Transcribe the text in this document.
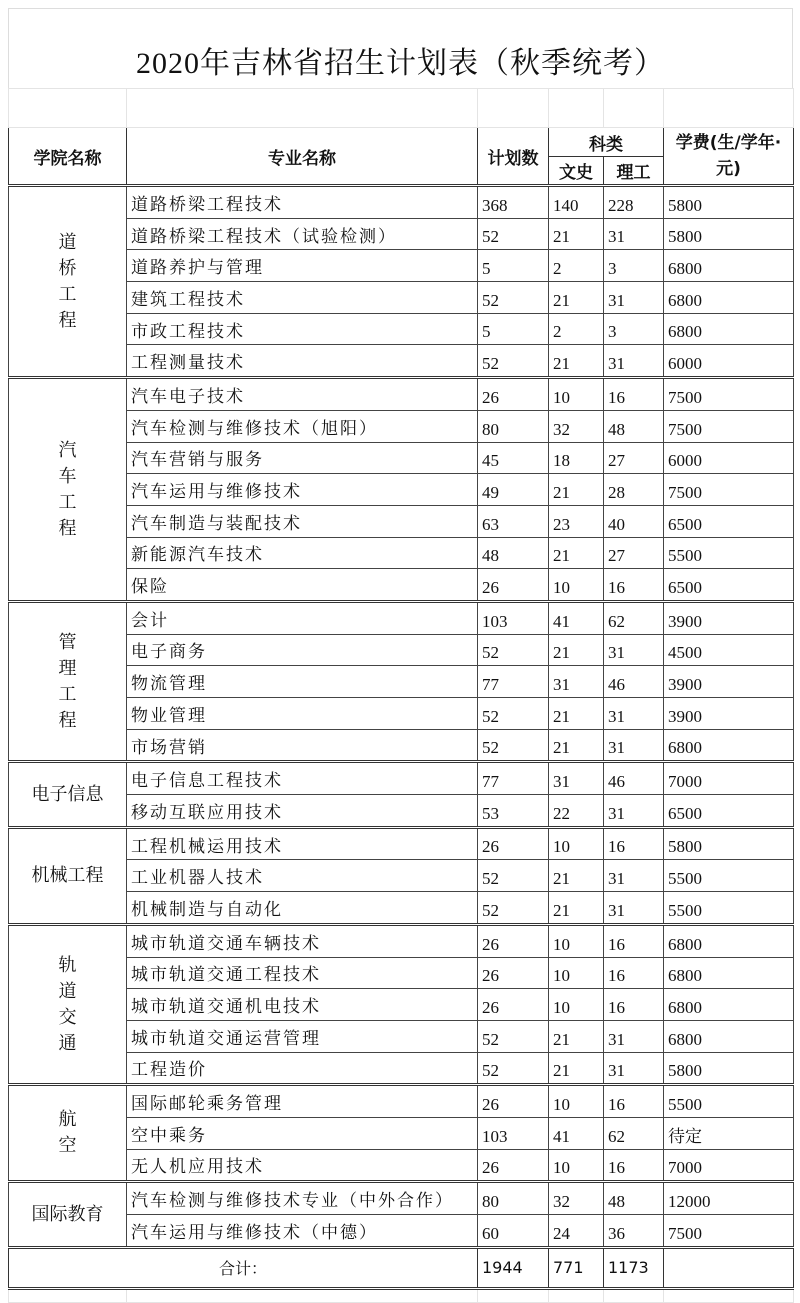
2020年吉林省招生计划表（秋季统考）

学院名称	专业名称	计划数	科类		学费(生/学年·元)
			文史	理工	
道桥工程	道路桥梁工程技术	368	140	228	5800
	道路桥梁工程技术（试验检测）	52	21	31	5800
	道路养护与管理	5	2	3	6800
	建筑工程技术	52	21	31	6800
	市政工程技术	5	2	3	6800
	工程测量技术	52	21	31	6000
汽车工程	汽车电子技术	26	10	16	7500
	汽车检测与维修技术（旭阳）	80	32	48	7500
	汽车营销与服务	45	18	27	6000
	汽车运用与维修技术	49	21	28	7500
	汽车制造与装配技术	63	23	40	6500
	新能源汽车技术	48	21	27	5500
	保险	26	10	16	6500
管理工程	会计	103	41	62	3900
	电子商务	52	21	31	4500
	物流管理	77	31	46	3900
	物业管理	52	21	31	3900
	市场营销	52	21	31	6800
电子信息	电子信息工程技术	77	31	46	7000
	移动互联应用技术	53	22	31	6500
机械工程	工程机械运用技术	26	10	16	5800
	工业机器人技术	52	21	31	5500
	机械制造与自动化	52	21	31	5500
轨道交通	城市轨道交通车辆技术	26	10	16	6800
	城市轨道交通工程技术	26	10	16	6800
	城市轨道交通机电技术	26	10	16	6800
	城市轨道交通运营管理	52	21	31	6800
	工程造价	52	21	31	5800
航空	国际邮轮乘务管理	26	10	16	5500
	空中乘务	103	41	62	待定
	无人机应用技术	26	10	16	7000
国际教育	汽车检测与维修技术专业（中外合作）	80	32	48	12000
	汽车运用与维修技术（中德）	60	24	36	7500
合计：		1944	771	1173	
